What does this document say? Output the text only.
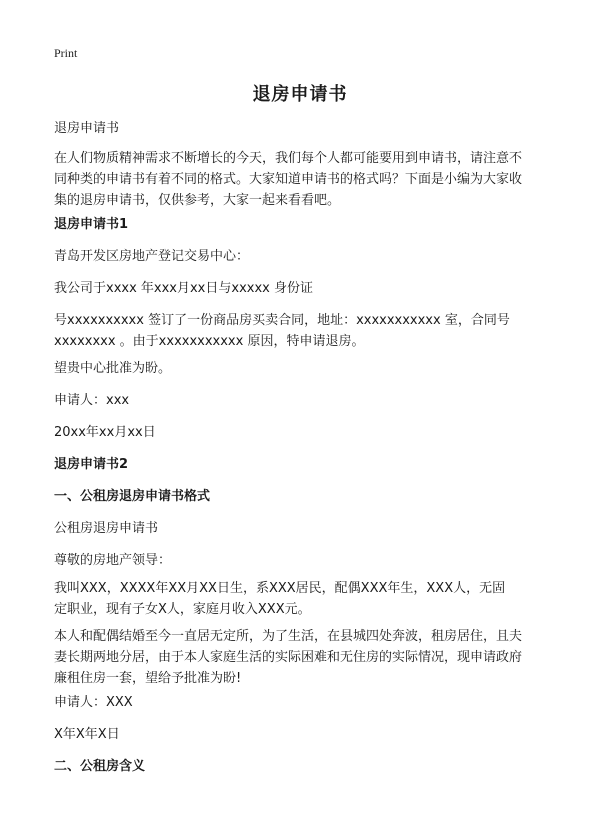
Print
退房申请书
退房申请书
在人们物质精神需求不断增长的今天，我们每个人都可能要用到申请书，请注意不
同种类的申请书有着不同的格式。大家知道申请书的格式吗？下面是小编为大家收
集的退房申请书，仅供参考，大家一起来看看吧。
退房申请书1
青岛开发区房地产登记交易中心：
我公司于xxxx 年xxx月xx日与xxxxx 身份证
号xxxxxxxxxx 签订了一份商品房买卖合同，地址：xxxxxxxxxxx 室，合同号
xxxxxxxx 。由于xxxxxxxxxxx 原因，特申请退房。
望贵中心批准为盼。
申请人：xxx
20xx年xx月xx日
退房申请书2
一、公租房退房申请书格式
公租房退房申请书
尊敬的房地产领导：
我叫XXX，XXXX年XX月XX日生，系XXX居民，配偶XXX年生，XXX人，无固
定职业，现有子女X人，家庭月收入XXX元。
本人和配偶结婚至今一直居无定所，为了生活，在县城四处奔波，租房居住，且夫
妻长期两地分居，由于本人家庭生活的实际困难和无住房的实际情况，现申请政府
廉租住房一套，望给予批准为盼!
申请人：XXX
X年X年X日
二、公租房含义
